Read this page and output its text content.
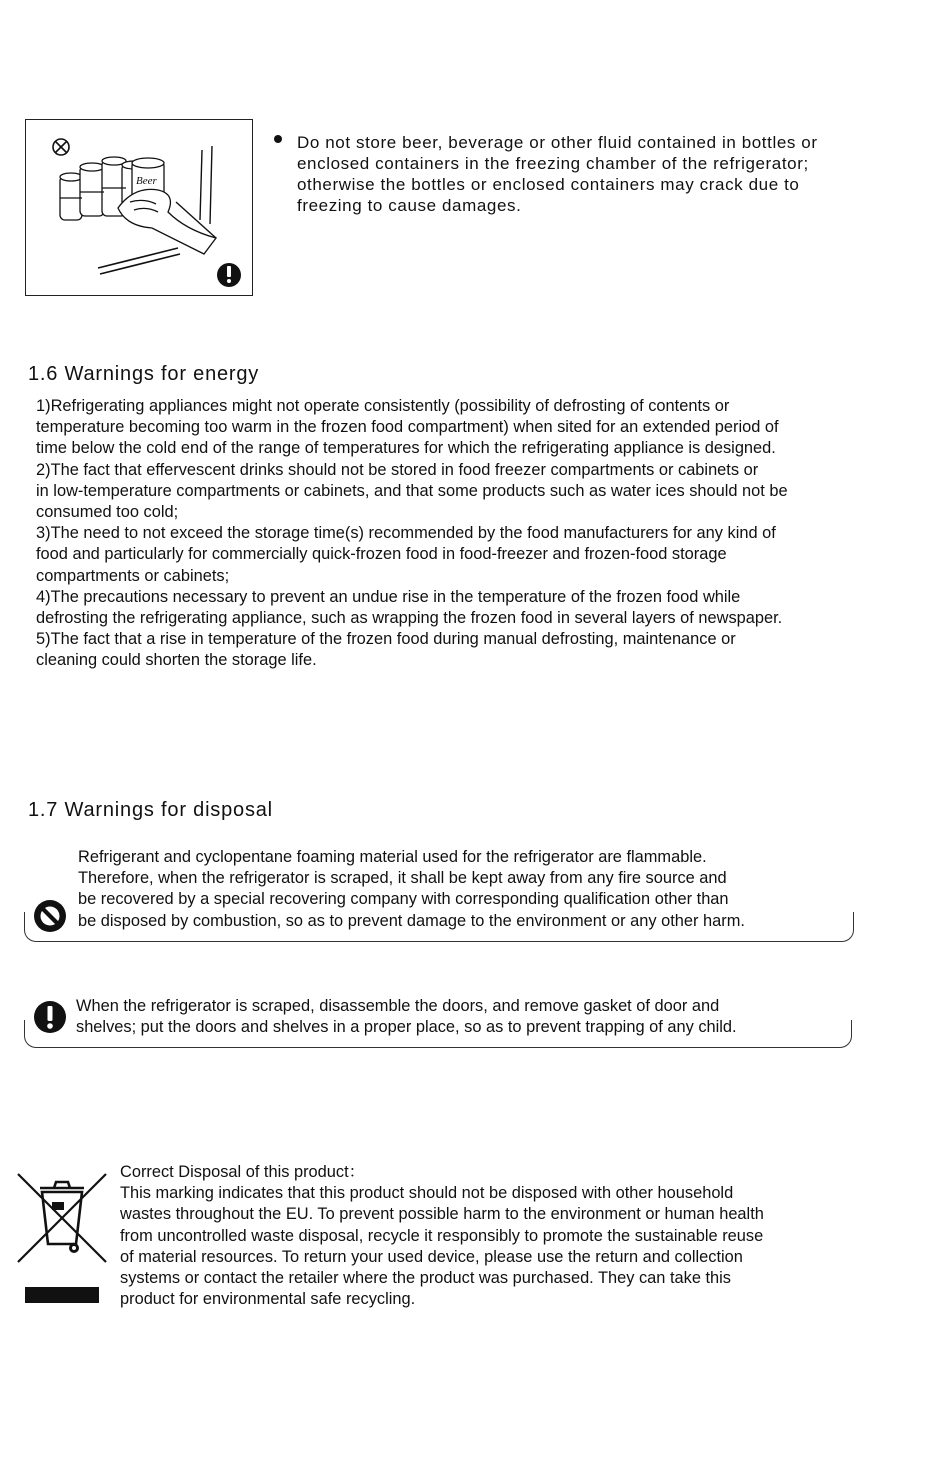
Beer
Do not store beer, beverage or other fluid contained in bottles or
enclosed containers in the freezing chamber of the refrigerator;
otherwise the bottles or enclosed containers may crack due to
freezing to cause damages.
1.6 Warnings for energy
1)Refrigerating appliances might not operate consistently (possibility of defrosting of contents or
temperature becoming too warm in the frozen food compartment) when sited for an extended period of
time below the cold end of the range of temperatures for which the refrigerating appliance is designed.
2)The fact that effervescent drinks should not be stored in food freezer compartments or cabinets or
in low-temperature compartments or cabinets, and that some products such as water ices should not be
consumed too cold;
3)The need to not exceed the storage time(s) recommended by the food manufacturers for any kind of
food and particularly for commercially quick-frozen food in food-freezer and frozen-food storage
compartments or cabinets;
4)The precautions necessary to prevent an undue rise in the temperature of the frozen food while
defrosting the refrigerating appliance, such as wrapping the frozen food in several layers of newspaper.
5)The fact that a rise in temperature of the frozen food during manual defrosting, maintenance or
cleaning could shorten the storage life.
1.7 Warnings for disposal
Refrigerant and cyclopentane foaming material used for the refrigerator are flammable.
Therefore, when the refrigerator is scraped, it shall be kept away from any fire source and
be recovered by a special recovering company with corresponding qualification other than
be disposed by combustion, so as to prevent damage to the environment or any other harm.
When the refrigerator is scraped, disassemble the doors, and remove gasket of door and
shelves; put the doors and shelves in a proper place, so as to prevent trapping of any child.
Correct Disposal of this product：
This marking indicates that this product should not be disposed with other household
wastes throughout the EU. To prevent possible harm to the environment or human health
from uncontrolled waste disposal, recycle it responsibly to promote the sustainable reuse
of material resources. To return your used device, please use the return and collection
systems or contact the retailer where the product was purchased. They can take this
product for environmental safe recycling.
